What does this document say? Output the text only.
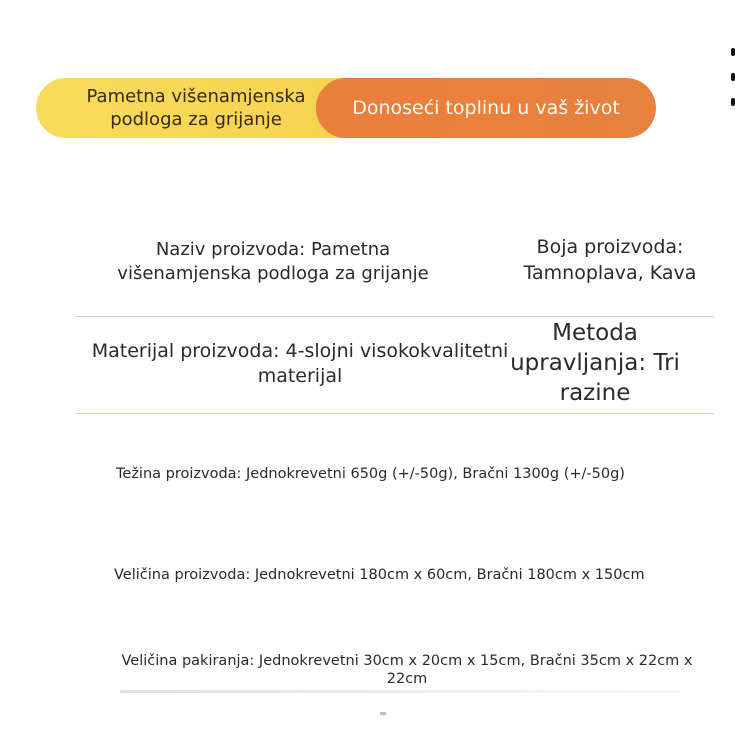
Pametna višenamjenska podloga za grijanje
Donoseći toplinu u vaš život
Naziv proizvoda: Pametna višenamjenska podloga za grijanje
Boja proizvoda: Tamnoplava, Kava
Materijal proizvoda: 4-slojni visokokvalitetni materijal
Metoda upravljanja: Tri razine
Težina proizvoda: Jednokrevetni 650g (+/-50g), Bračni 1300g (+/-50g)
Veličina proizvoda: Jednokrevetni 180cm x 60cm, Bračni 180cm x 150cm
Veličina pakiranja: Jednokrevetni 30cm x 20cm x 15cm, Bračni 35cm x 22cm x 22cm
